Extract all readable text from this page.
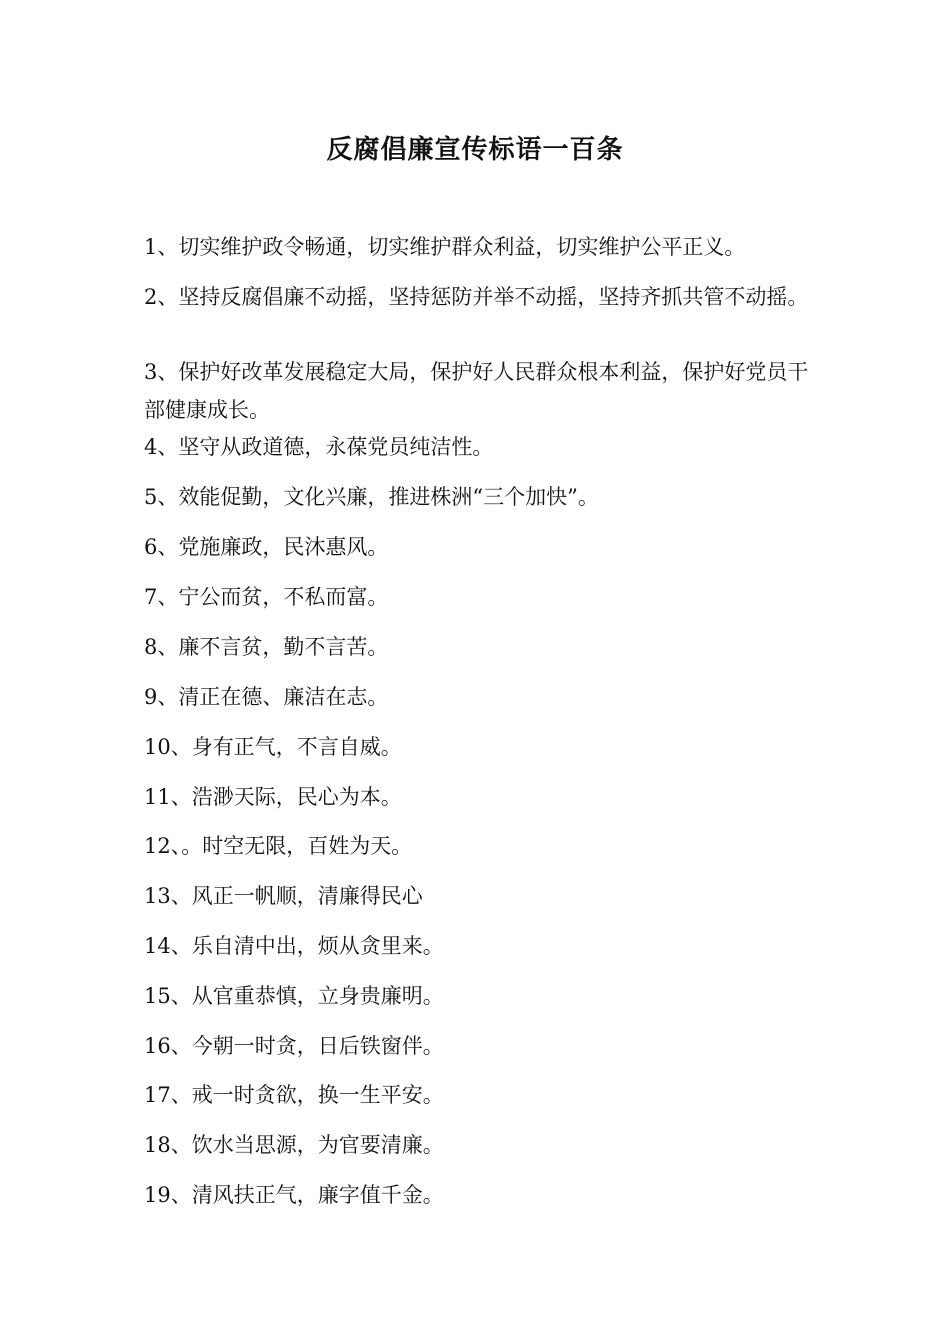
反腐倡廉宣传标语一百条

1、切实维护政令畅通，切实维护群众利益，切实维护公平正义。

2、坚持反腐倡廉不动摇，坚持惩防并举不动摇，坚持齐抓共管不动摇。

3、保护好改革发展稳定大局，保护好人民群众根本利益，保护好党员干部健康成长。

4、坚守从政道德，永葆党员纯洁性。

5、效能促勤，文化兴廉，推进株洲“三个加快”。

6、党施廉政，民沐惠风。

7、宁公而贫，不私而富。

8、廉不言贫，勤不言苦。

9、清正在德、廉洁在志。

10、身有正气，不言自威。

11、浩渺天际，民心为本。

12、。时空无限，百姓为天。

13、风正一帆顺，清廉得民心

14、乐自清中出，烦从贪里来。

15、从官重恭慎，立身贵廉明。

16、今朝一时贪，日后铁窗伴。

17、戒一时贪欲，换一生平安。

18、饮水当思源，为官要清廉。

19、清风扶正气，廉字值千金。
